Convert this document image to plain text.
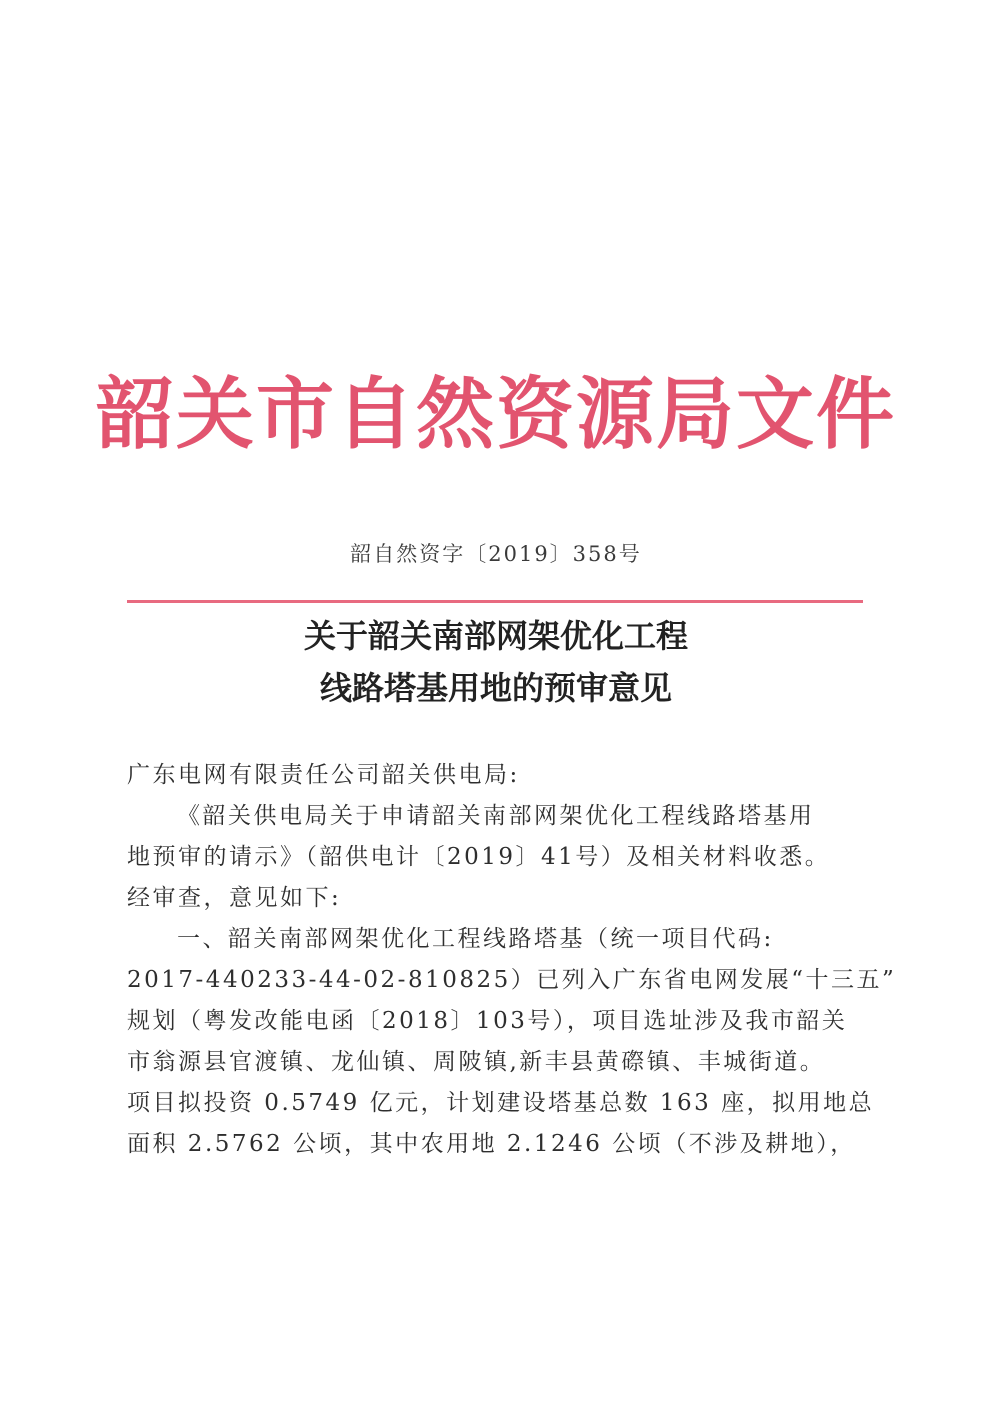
韶关市自然资源局文件
韶自然资字〔2019〕358号
关于韶关南部网架优化工程
线路塔基用地的预审意见
广东电网有限责任公司韶关供电局:
《韶关供电局关于申请韶关南部网架优化工程线路塔基用
地预审的请示》（韶供电计〔2019〕41号）及相关材料收悉。
经审查，意见如下:
一、韶关南部网架优化工程线路塔基（统一项目代码:
2017-440233-44-02-810825）已列入广东省电网发展“十三五”
规划（粤发改能电函〔2018〕103号），项目选址涉及我市韶关
市翁源县官渡镇、龙仙镇、周陂镇,新丰县黄磜镇、丰城街道。
项目拟投资 0.5749 亿元，计划建设塔基总数 163 座，拟用地总
面积 2.5762 公顷，其中农用地 2.1246 公顷（不涉及耕地），
